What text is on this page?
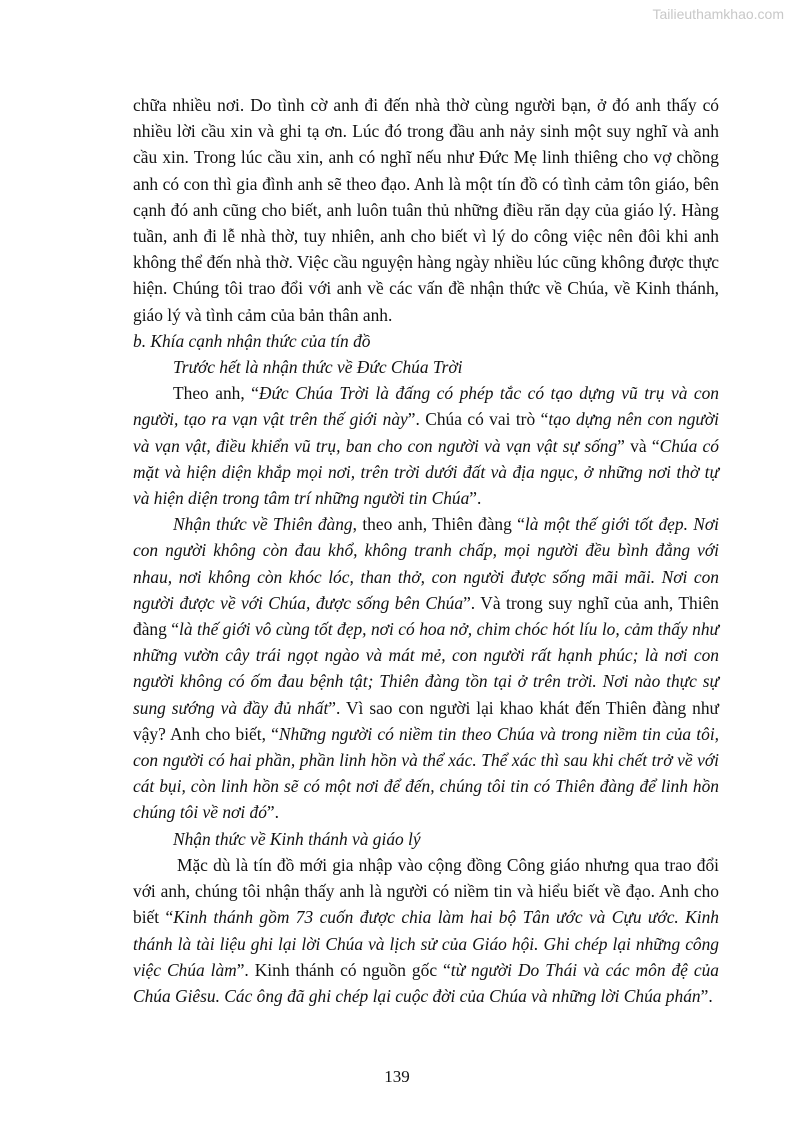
Tailieuthamkhao.com

chữa nhiều nơi. Do tình cờ anh đi đến nhà thờ cùng người bạn, ở đó anh thấy có nhiều lời cầu xin và ghi tạ ơn. Lúc đó trong đầu anh nảy sinh một suy nghĩ và anh cầu xin. Trong lúc cầu xin, anh có nghĩ nếu như Đức Mẹ linh thiêng cho vợ chồng anh có con thì gia đình anh sẽ theo đạo. Anh là một tín đồ có tình cảm tôn giáo, bên cạnh đó anh cũng cho biết, anh luôn tuân thủ những điều răn dạy của giáo lý. Hàng tuần, anh đi lễ nhà thờ, tuy nhiên, anh cho biết vì lý do công việc nên đôi khi anh không thể đến nhà thờ. Việc cầu nguyện hàng ngày nhiều lúc cũng không được thực hiện. Chúng tôi trao đổi với anh về các vấn đề nhận thức về Chúa, về Kinh thánh, giáo lý và tình cảm của bản thân anh.

b. Khía cạnh nhận thức của tín đồ

Trước hết là nhận thức về Đức Chúa Trời

Theo anh, “Đức Chúa Trời là đấng có phép tắc có tạo dựng vũ trụ và con người, tạo ra vạn vật trên thế giới này”. Chúa có vai trò “tạo dựng nên con người và vạn vật, điều khiển vũ trụ, ban cho con người và vạn vật sự sống” và “Chúa có mặt và hiện diện khắp mọi nơi, trên trời dưới đất và địa ngục, ở những nơi thờ tự và hiện diện trong tâm trí những người tin Chúa”.

Nhận thức về Thiên đàng, theo anh, Thiên đàng “là một thế giới tốt đẹp. Nơi con người không còn đau khổ, không tranh chấp, mọi người đều bình đẳng với nhau, nơi không còn khóc lóc, than thở, con người được sống mãi mãi. Nơi con người được về với Chúa, được sống bên Chúa”. Và trong suy nghĩ của anh, Thiên đàng “là thế giới vô cùng tốt đẹp, nơi có hoa nở, chim chóc hót líu lo, cảm thấy như những vườn cây trái ngọt ngào và mát mẻ, con người rất hạnh phúc; là nơi con người không có ốm đau bệnh tật; Thiên đàng tồn tại ở trên trời. Nơi nào thực sự sung sướng và đầy đủ nhất”. Vì sao con người lại khao khát đến Thiên đàng như vậy? Anh cho biết, “Những người có niềm tin theo Chúa và trong niềm tin của tôi, con người có hai phần, phần linh hồn và thể xác. Thể xác thì sau khi chết trở về với cát bụi, còn linh hồn sẽ có một nơi để đến, chúng tôi tin có Thiên đàng để linh hồn chúng tôi về nơi đó”.

Nhận thức về Kinh thánh và giáo lý

Mặc dù là tín đồ mới gia nhập vào cộng đồng Công giáo nhưng qua trao đổi với anh, chúng tôi nhận thấy anh là người có niềm tin và hiểu biết về đạo. Anh cho biết “Kinh thánh gồm 73 cuốn được chia làm hai bộ Tân ước và Cựu ước. Kinh thánh là tài liệu ghi lại lời Chúa và lịch sử của Giáo hội. Ghi chép lại những công việc Chúa làm”. Kinh thánh có nguồn gốc “từ người Do Thái và các môn đệ của Chúa Giêsu. Các ông đã ghi chép lại cuộc đời của Chúa và những lời Chúa phán”.

139
